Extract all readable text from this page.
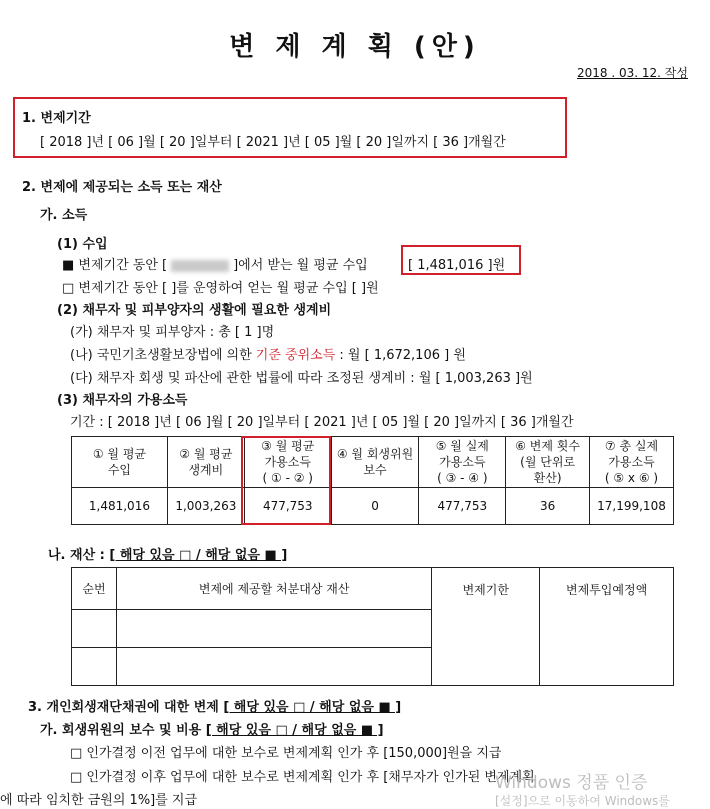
변 제 계 획 (안)
2018 . 03. 12. 작성
1. 변제기간
[ 2018 ]년 [ 06 ]월 [ 20 ]일부터 [ 2021 ]년 [ 05 ]월 [ 20 ]일까지 [ 36 ]개월간
2. 변제에 제공되는 소득 또는 재산
가. 소득
(1) 수입
■ 변제기간 동안 [	]에서 받는 월 평균 수입	[ 1,481,016 ]원
□ 변제기간 동안 [ ]를 운영하여 얻는 월 평균 수입 [ ]원
(2) 채무자 및 피부양자의 생활에 필요한 생계비
(가) 채무자 및 피부양자 : 총 [ 1 ]명
(나) 국민기초생활보장법에 의한 기준 중위소득 : 월 [ 1,672,106 ] 원
(다) 채무자 회생 및 파산에 관한 법률에 따라 조정된 생계비 : 월 [ 1,003,263 ]원
(3) 채무자의 가용소득
기간 : [ 2018 ]년 [ 06 ]월 [ 20 ]일부터 [ 2021 ]년 [ 05 ]월 [ 20 ]일까지 [ 36 ]개월간
① 월 평균
수입	② 월 평균
생계비	③ 월 평균
가용소득
( ① - ② )	④ 월 회생위원
보수	⑤ 월 실제
가용소득
( ③ - ④ )	⑥ 변제 횟수
(월 단위로
환산)	⑦ 총 실제
가용소득
( ⑤ x ⑥ )
1,481,016	1,003,263	477,753	0	477,753	36	17,199,108
나. 재산 : [ 해당 있음 □ / 해당 없음 ■ ]
순번	변제에 제공할 처분대상 재산	변제기한	변제투입예정액

3. 개인회생재단채권에 대한 변제 [ 해당 있음 □ / 해당 없음 ■ ]
가. 회생위원의 보수 및 비용 [ 해당 있음 □ / 해당 없음 ■ ]
□ 인가결정 이전 업무에 대한 보수로 변제계획 인가 후 [150,000]원을 지급
□ 인가결정 이후 업무에 대한 보수로 변제계획 인가 후 [채무자가 인가된 변제계획
에 따라 임치한 금원의 1%]를 지급
Windows 정품 인증
[설정]으로 이동하여 Windows를
